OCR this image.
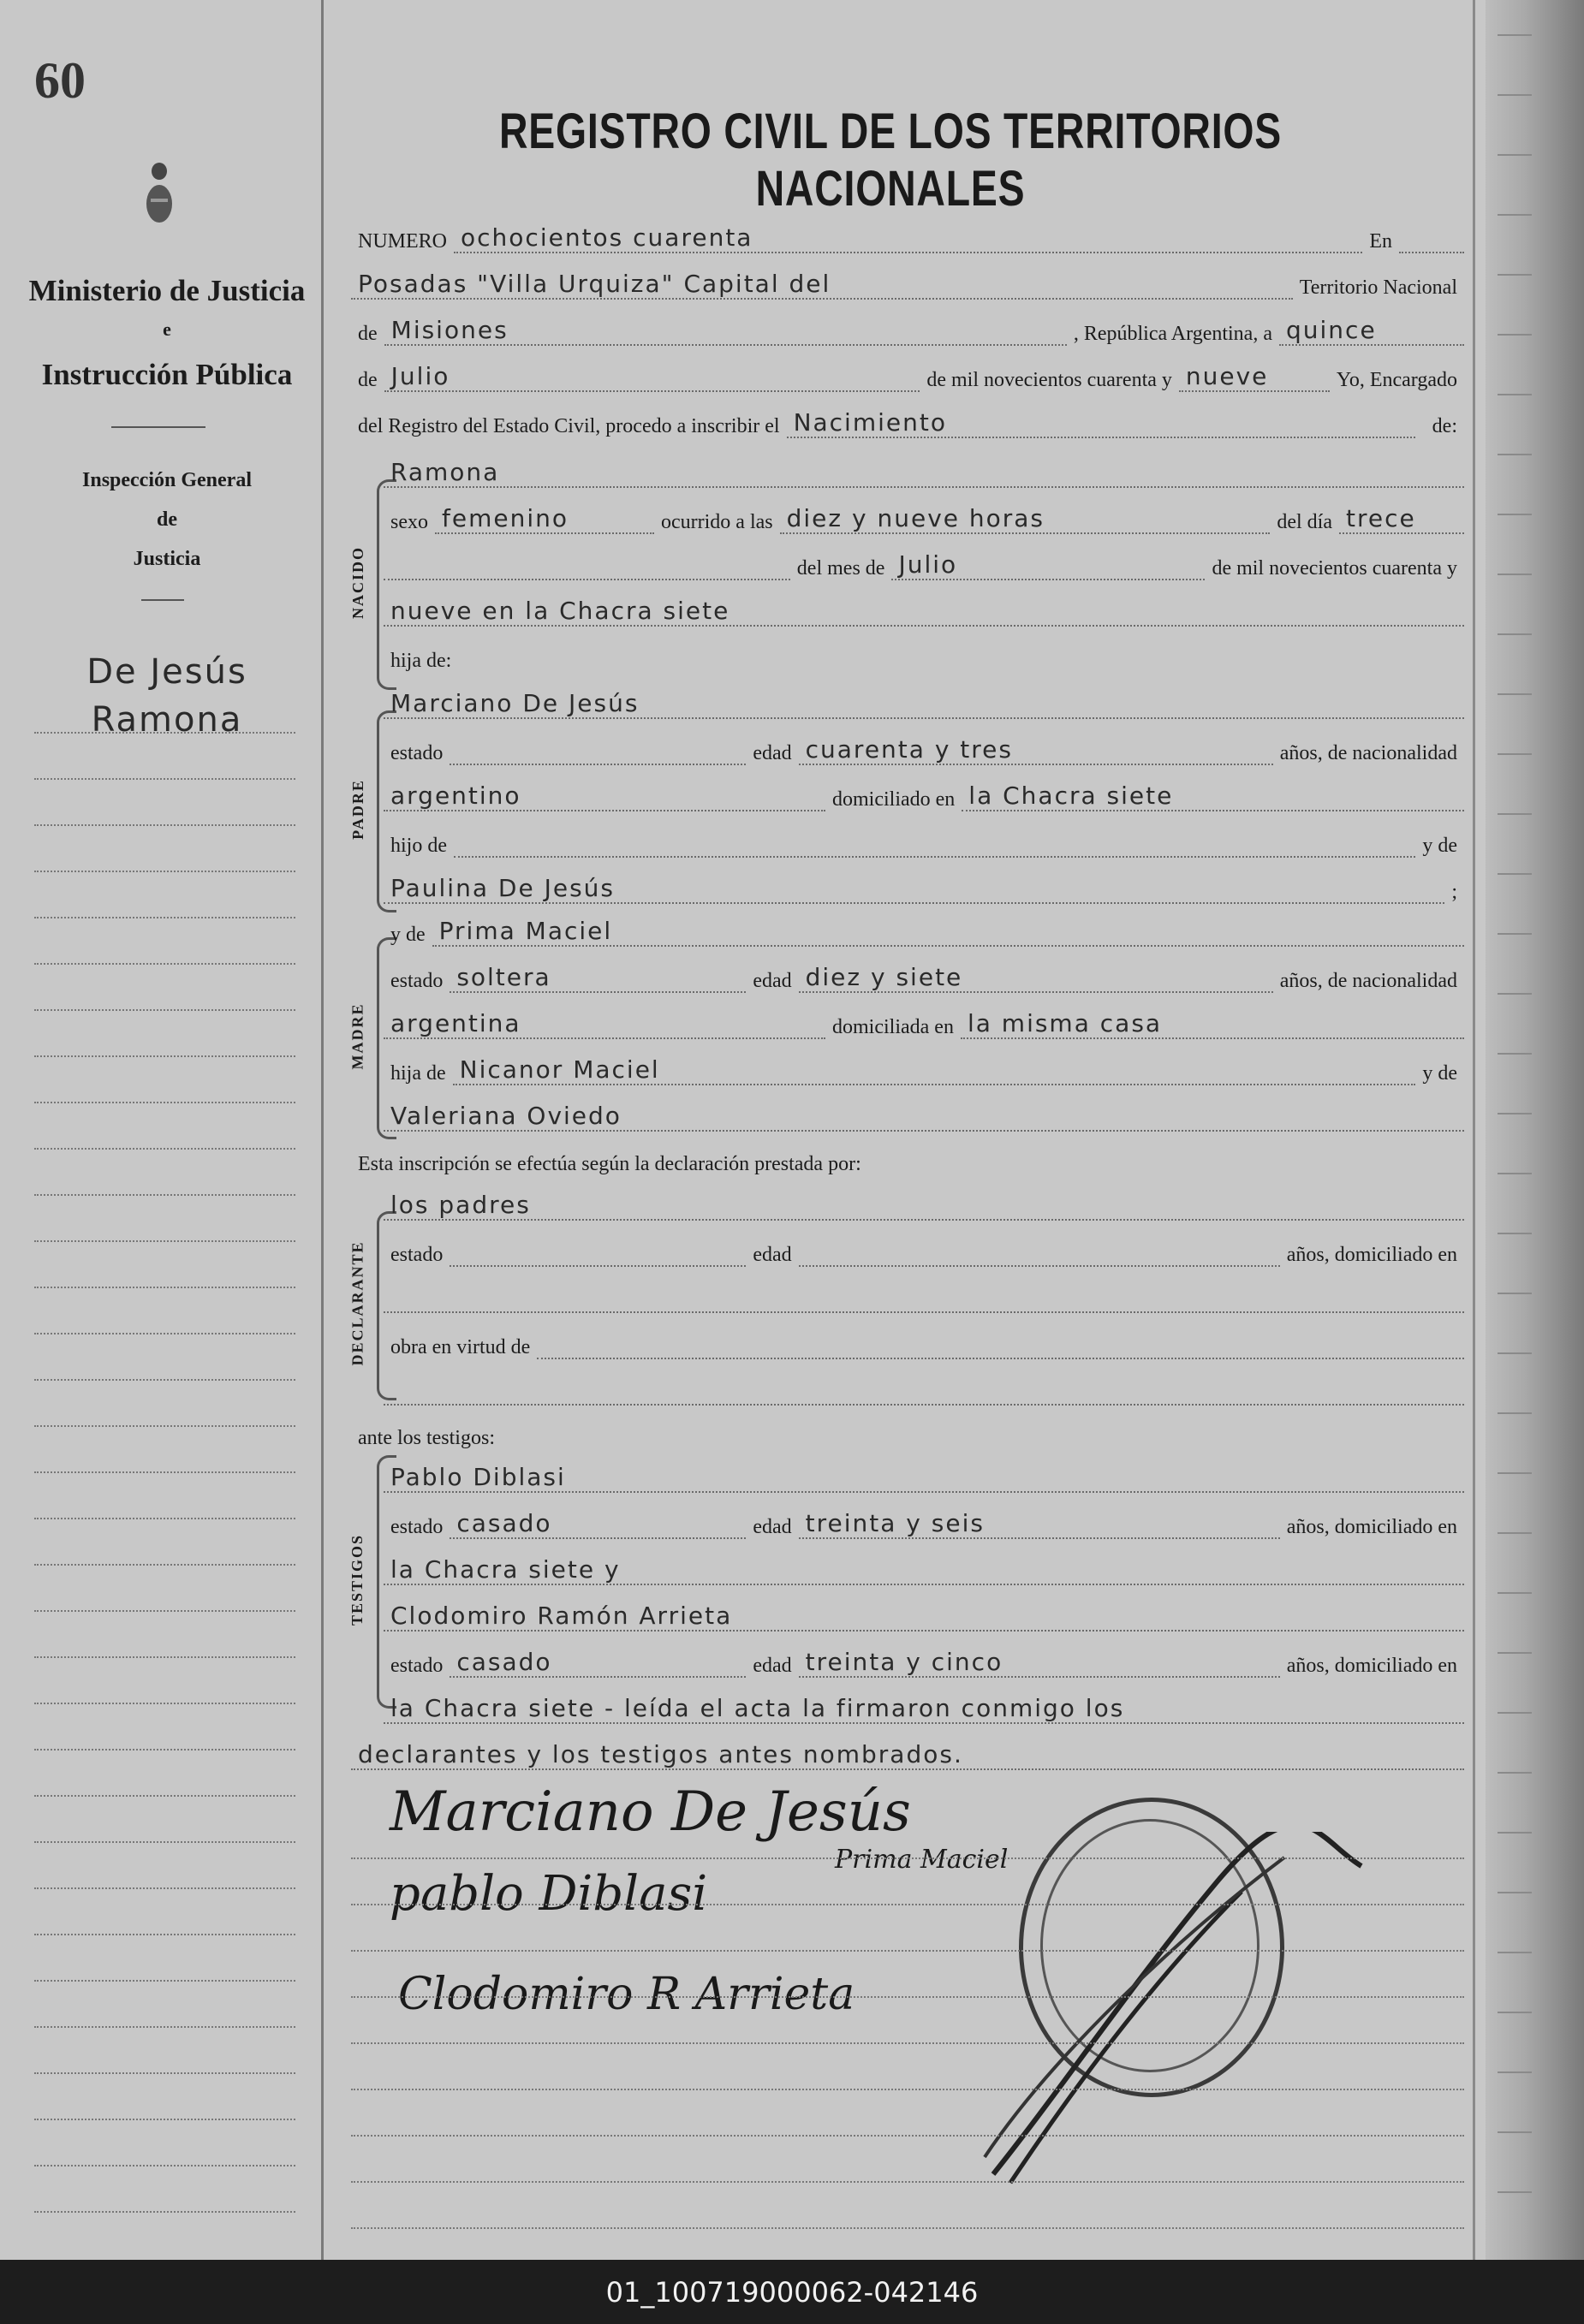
60
Ministerio de Justicia
e
Instrucción Pública
Inspección General
de
Justicia
De Jesús
Ramona
REGISTRO CIVIL DE LOS TERRITORIOS NACIONALES
NUMERO ochocientos cuarenta	En
Posadas "Villa Urquiza" Capital del	Territorio Nacional
de Misiones	, República Argentina, a quince
de Julio	de mil novecientos cuarenta y nueve	Yo, Encargado
del Registro del Estado Civil, procedo a inscribir el Nacimiento	de:
NACIDO
Ramona
sexo femenino	ocurrido a las diez y nueve horas	del día trece
del mes de Julio	de mil novecientos cuarenta y
nueve en la Chacra siete
hija de:
PADRE
Marciano De Jesús
estado	edad cuarenta y tres	años, de nacionalidad
argentino	domiciliado en la Chacra siete
hijo de	y de
Paulina De Jesús	;
MADRE
y de Prima Maciel
estado soltera	edad diez y siete	años, de nacionalidad
argentina	domiciliada en la misma casa
hija de Nicanor Maciel	y de
Valeriana Oviedo
Esta inscripción se efectúa según la declaración prestada por:
DECLARANTE
los padres
estado	edad	años, domiciliado en
obra en virtud de
ante los testigos:
TESTIGOS
Pablo Diblasi
estado casado	edad treinta y seis	años, domiciliado en
la Chacra siete y
Clodomiro Ramón Arrieta
estado casado	edad treinta y cinco	años, domiciliado en
la Chacra siete - leída el acta la firmaron conmigo los
declarantes y los testigos antes nombrados.
Marciano De Jesús
Prima Maciel
pablo Diblasi
Clodomiro R Arrieta
01_100719000062-042146
